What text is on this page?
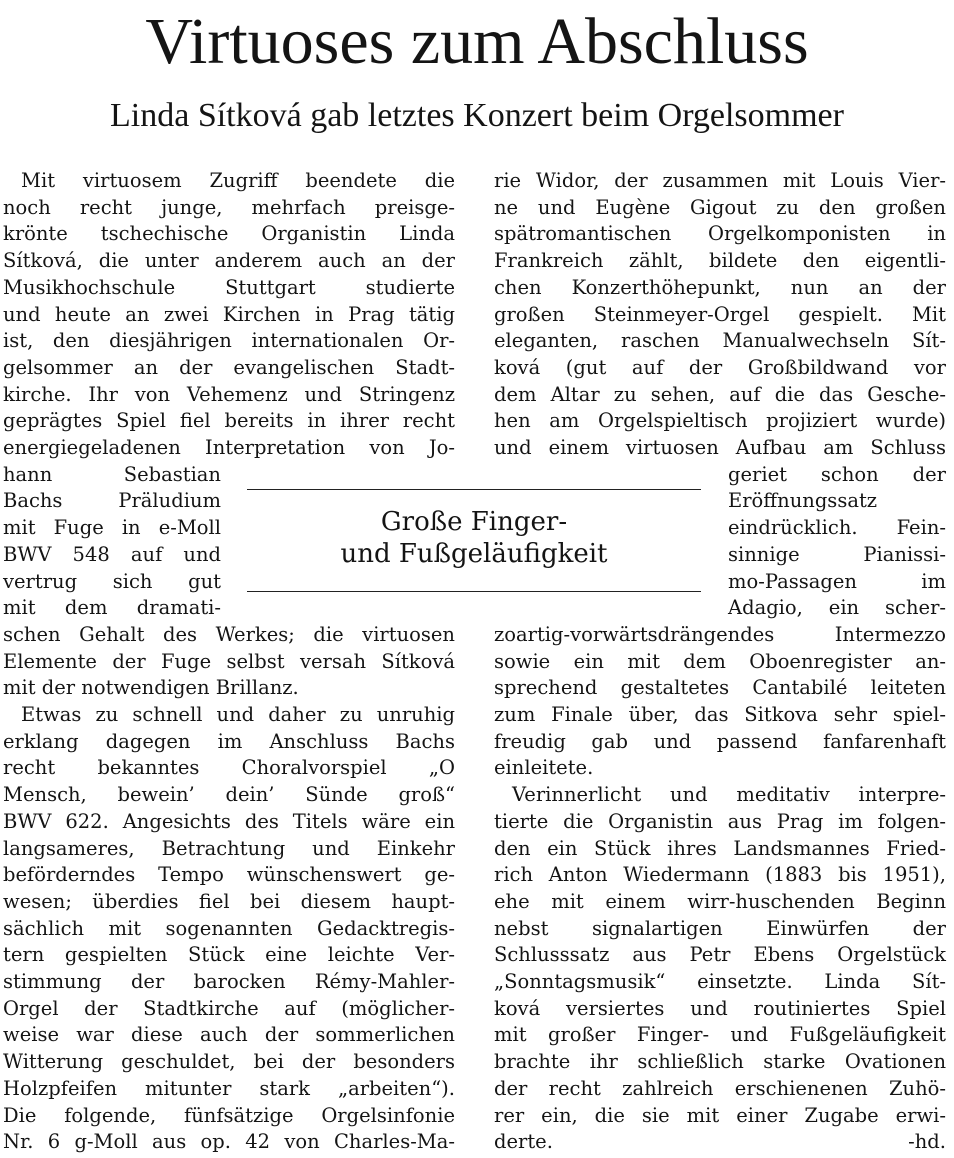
Virtuoses zum Abschluss
Linda Sítková gab letztes Konzert beim Orgelsommer
Mit virtuosem Zugriff beendete die
noch recht junge, mehrfach preisge-
krönte tschechische Organistin Linda
Sítková, die unter anderem auch an der
Musikhochschule Stuttgart studierte
und heute an zwei Kirchen in Prag tätig
ist, den diesjährigen internationalen Or-
gelsommer an der evangelischen Stadt-
kirche. Ihr von Vehemenz und Stringenz
geprägtes Spiel fiel bereits in ihrer recht
energiegeladenen Interpretation von Jo-
hann Sebastian
Bachs Präludium
mit Fuge in e-Moll
BWV 548 auf und
vertrug sich gut
mit dem dramati-
schen Gehalt des Werkes; die virtuosen
Elemente der Fuge selbst versah Sítková
mit der notwendigen Brillanz.
Etwas zu schnell und daher zu unruhig
erklang dagegen im Anschluss Bachs
recht bekanntes Choralvorspiel „O
Mensch, bewein’ dein’ Sünde groß“
BWV 622. Angesichts des Titels wäre ein
langsameres, Betrachtung und Einkehr
beförderndes Tempo wünschenswert ge-
wesen; überdies fiel bei diesem haupt-
sächlich mit sogenannten Gedacktregis-
tern gespielten Stück eine leichte Ver-
stimmung der barocken Rémy-Mahler-
Orgel der Stadtkirche auf (möglicher-
weise war diese auch der sommerlichen
Witterung geschuldet, bei der besonders
Holzpfeifen mitunter stark „arbeiten“).
Die folgende, fünfsätzige Orgelsinfonie
Nr. 6 g-Moll aus op. 42 von Charles-Ma-
rie Widor, der zusammen mit Louis Vier-
ne und Eugène Gigout zu den großen
spätromantischen Orgelkomponisten in
Frankreich zählt, bildete den eigentli-
chen Konzerthöhepunkt, nun an der
großen Steinmeyer-Orgel gespielt. Mit
eleganten, raschen Manualwechseln Sít-
ková (gut auf der Großbildwand vor
dem Altar zu sehen, auf die das Gesche-
hen am Orgelspieltisch projiziert wurde)
und einem virtuosen Aufbau am Schluss
geriet schon der
Eröffnungssatz
eindrücklich. Fein-
sinnige Pianissi-
mo-Passagen im
Adagio, ein scher-
zoartig-vorwärtsdrängendes Intermezzo
sowie ein mit dem Oboenregister an-
sprechend gestaltetes Cantabilé leiteten
zum Finale über, das Sitkova sehr spiel-
freudig gab und passend fanfarenhaft
einleitete.
Verinnerlicht und meditativ interpre-
tierte die Organistin aus Prag im folgen-
den ein Stück ihres Landsmannes Fried-
rich Anton Wiedermann (1883 bis 1951),
ehe mit einem wirr-huschenden Beginn
nebst signalartigen Einwürfen der
Schlusssatz aus Petr Ebens Orgelstück
„Sonntagsmusik“ einsetzte. Linda Sít-
ková versiertes und routiniertes Spiel
mit großer Finger- und Fußgeläufigkeit
brachte ihr schließlich starke Ovationen
der recht zahlreich erschienenen Zuhö-
rer ein, die sie mit einer Zugabe erwi-
derte.	-hd.
Große Finger-
und Fußgeläufigkeit
